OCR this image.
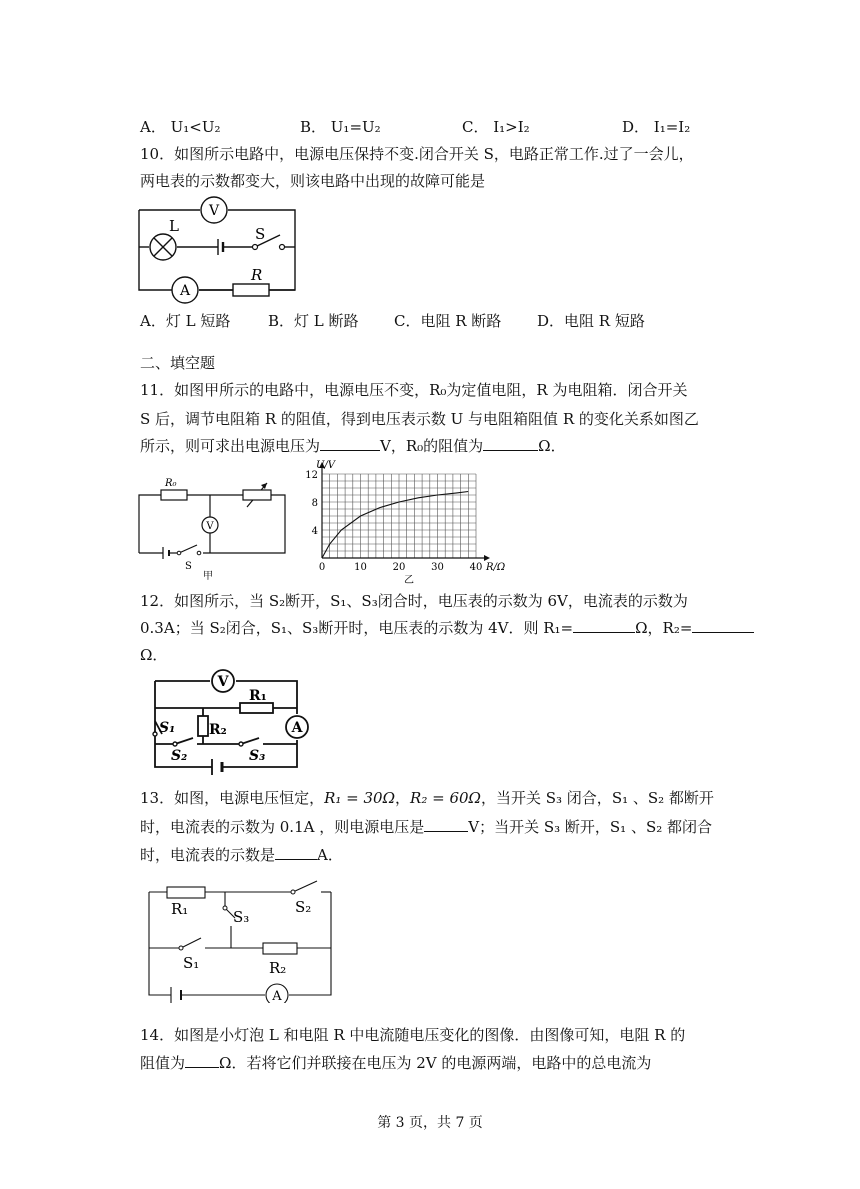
A． U₁<U₂	B． U₁=U₂	C． I₁>I₂	D． I₁=I₂
10．如图所示电路中，电源电压保持不变.闭合开关 S，电路正常工作.过了一会儿，
两电表的示数都变大，则该电路中出现的故障可能是
V
A
L	S
R
A．灯 L 短路	B．灯 L 断路 C．电阻 R 断路 D．电阻 R 短路
二、填空题
11．如图甲所示的电路中，电源电压不变，R₀为定值电阻，R 为电阻箱．闭合开关
S 后，调节电阻箱 R 的阻值，得到电压表示数 U 与电阻箱阻值 R 的变化关系如图乙
所示，则可求出电源电压为	V，R₀的阻值为	Ω．
R₀
V
S
甲
0	10	20	30	40
4
8
12
U/V
R/Ω
乙
12．如图所示，当 S₂断开，S₁、S₃闭合时，电压表的示数为 6V，电流表的示数为
0.3A；当 S₂闭合，S₁、S₃断开时，电压表的示数为 4V．则 R₁=	Ω，R₂=
Ω．
V
A
R₁
R₂
S₁
S₂	S₃
13．如图，电源电压恒定，R₁ = 30Ω，R₂ = 60Ω，当开关 S₃ 闭合，S₁ 、S₂ 都断开
时，电流表的示数为 0.1A ，则电源电压是	V；当开关 S₃ 断开，S₁ 、S₂ 都闭合
时，电流表的示数是	A．
A
R₁	S₃
S₂
S₁	R₂
14．如图是小灯泡 L 和电阻 R 中电流随电压变化的图像．由图像可知，电阻 R 的
阻值为 Ω．若将它们并联接在电压为 2V 的电源两端，电路中的总电流为
第 3 页，共 7 页
